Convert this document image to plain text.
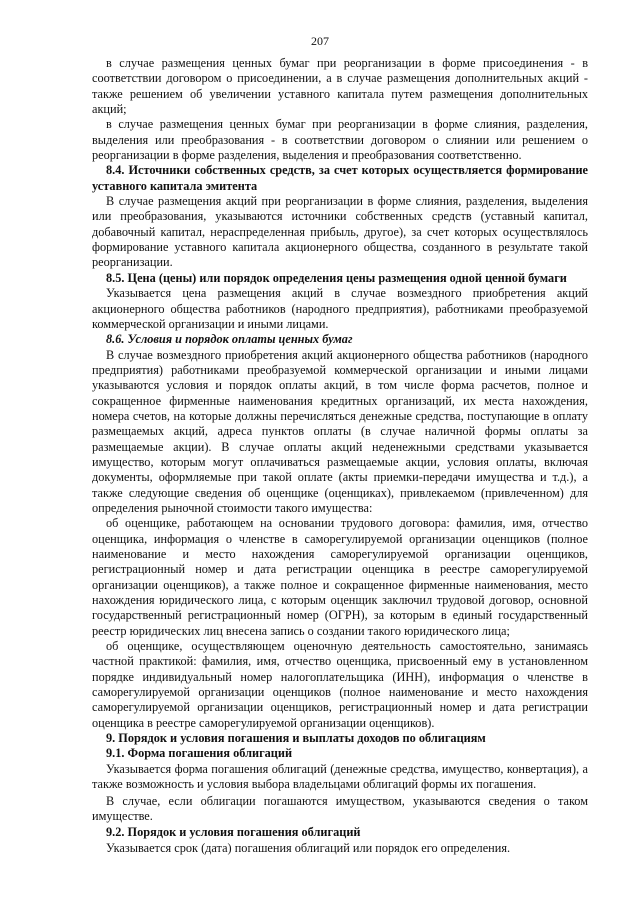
207

в случае размещения ценных бумаг при реорганизации в форме присоединения - в соответствии договором о присоединении, а в случае размещения дополнительных акций - также решением об увеличении уставного капитала путем размещения дополнительных акций;

в случае размещения ценных бумаг при реорганизации в форме слияния, разделения, выделения или преобразования - в соответствии договором о слиянии или решением о реорганизации в форме разделения, выделения и преобразования соответственно.

8.4. Источники собственных средств, за счет которых осуществляется формирование уставного капитала эмитента

В случае размещения акций при реорганизации в форме слияния, разделения, выделения или преобразования, указываются источники собственных средств (уставный капитал, добавочный капитал, нераспределенная прибыль, другое), за счет которых осуществлялось формирование уставного капитала акционерного общества, созданного в результате такой реорганизации.

8.5. Цена (цены) или порядок определения цены размещения одной ценной бумаги

Указывается цена размещения акций в случае возмездного приобретения акций акционерного общества работников (народного предприятия), работниками преобразуемой коммерческой организации и иными лицами.

8.6. Условия и порядок оплаты ценных бумаг

В случае возмездного приобретения акций акционерного общества работников (народного предприятия) работниками преобразуемой коммерческой организации и иными лицами указываются условия и порядок оплаты акций, в том числе форма расчетов, полное и сокращенное фирменные наименования кредитных организаций, их места нахождения, номера счетов, на которые должны перечисляться денежные средства, поступающие в оплату размещаемых акций, адреса пунктов оплаты (в случае наличной формы оплаты за размещаемые акции). В случае оплаты акций неденежными средствами указывается имущество, которым могут оплачиваться размещаемые акции, условия оплаты, включая документы, оформляемые при такой оплате (акты приемки-передачи имущества и т.д.), а также следующие сведения об оценщике (оценщиках), привлекаемом (привлеченном) для определения рыночной стоимости такого имущества:

об оценщике, работающем на основании трудового договора: фамилия, имя, отчество оценщика, информация о членстве в саморегулируемой организации оценщиков (полное наименование и место нахождения саморегулируемой организации оценщиков, регистрационный номер и дата регистрации оценщика в реестре саморегулируемой организации оценщиков), а также полное и сокращенное фирменные наименования, место нахождения юридического лица, с которым оценщик заключил трудовой договор, основной государственный регистрационный номер (ОГРН), за которым в единый государственный реестр юридических лиц внесена запись о создании такого юридического лица;

об оценщике, осуществляющем оценочную деятельность самостоятельно, занимаясь частной практикой: фамилия, имя, отчество оценщика, присвоенный ему в установленном порядке индивидуальный номер налогоплательщика (ИНН), информация о членстве в саморегулируемой организации оценщиков (полное наименование и место нахождения саморегулируемой организации оценщиков, регистрационный номер и дата регистрации оценщика в реестре саморегулируемой организации оценщиков).

9. Порядок и условия погашения и выплаты доходов по облигациям

9.1. Форма погашения облигаций

Указывается форма погашения облигаций (денежные средства, имущество, конвертация), а также возможность и условия выбора владельцами облигаций формы их погашения.

В случае, если облигации погашаются имуществом, указываются сведения о таком имуществе.

9.2. Порядок и условия погашения облигаций

Указывается срок (дата) погашения облигаций или порядок его определения.
